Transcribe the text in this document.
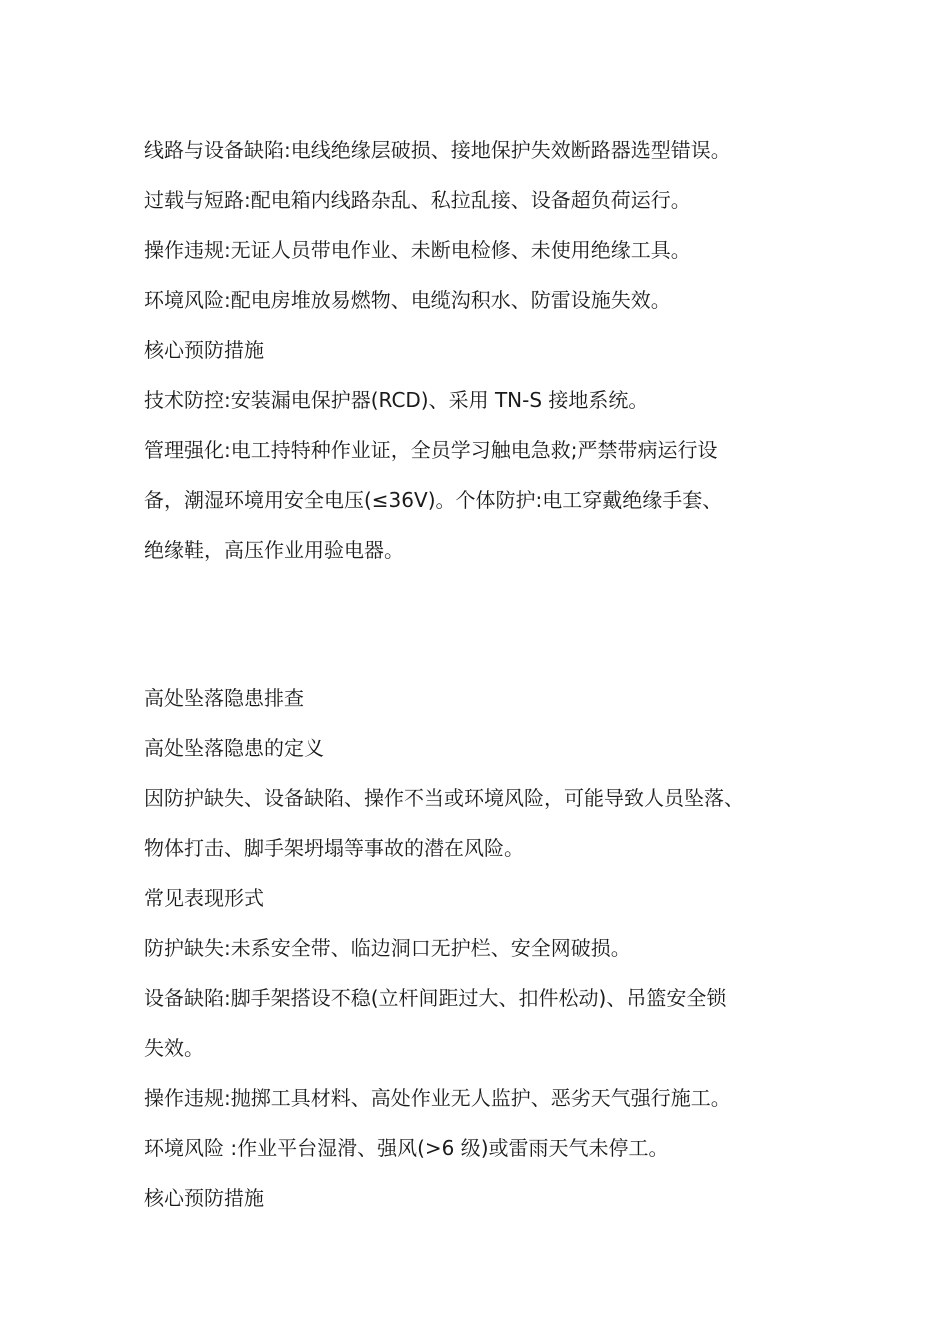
线路与设备缺陷:电线绝缘层破损、接地保护失效断路器选型错误。
过载与短路:配电箱内线路杂乱、私拉乱接、设备超负荷运行。
操作违规:无证人员带电作业、未断电检修、未使用绝缘工具。
环境风险:配电房堆放易燃物、电缆沟积水、防雷设施失效。
核心预防措施
技术防控:安装漏电保护器(RCD)、采用 TN-S 接地系统。
管理强化:电工持特种作业证，全员学习触电急救;严禁带病运行设
备，潮湿环境用安全电压(≤36V)。个体防护:电工穿戴绝缘手套、
绝缘鞋，高压作业用验电器。
高处坠落隐患排查
高处坠落隐患的定义
因防护缺失、设备缺陷、操作不当或环境风险，可能导致人员坠落、
物体打击、脚手架坍塌等事故的潜在风险。
常见表现形式
防护缺失:未系安全带、临边洞口无护栏、安全网破损。
设备缺陷:脚手架搭设不稳(立杆间距过大、扣件松动)、吊篮安全锁
失效。
操作违规:抛掷工具材料、高处作业无人监护、恶劣天气强行施工。
环境风险 :作业平台湿滑、强风(>6 级)或雷雨天气未停工。
核心预防措施
